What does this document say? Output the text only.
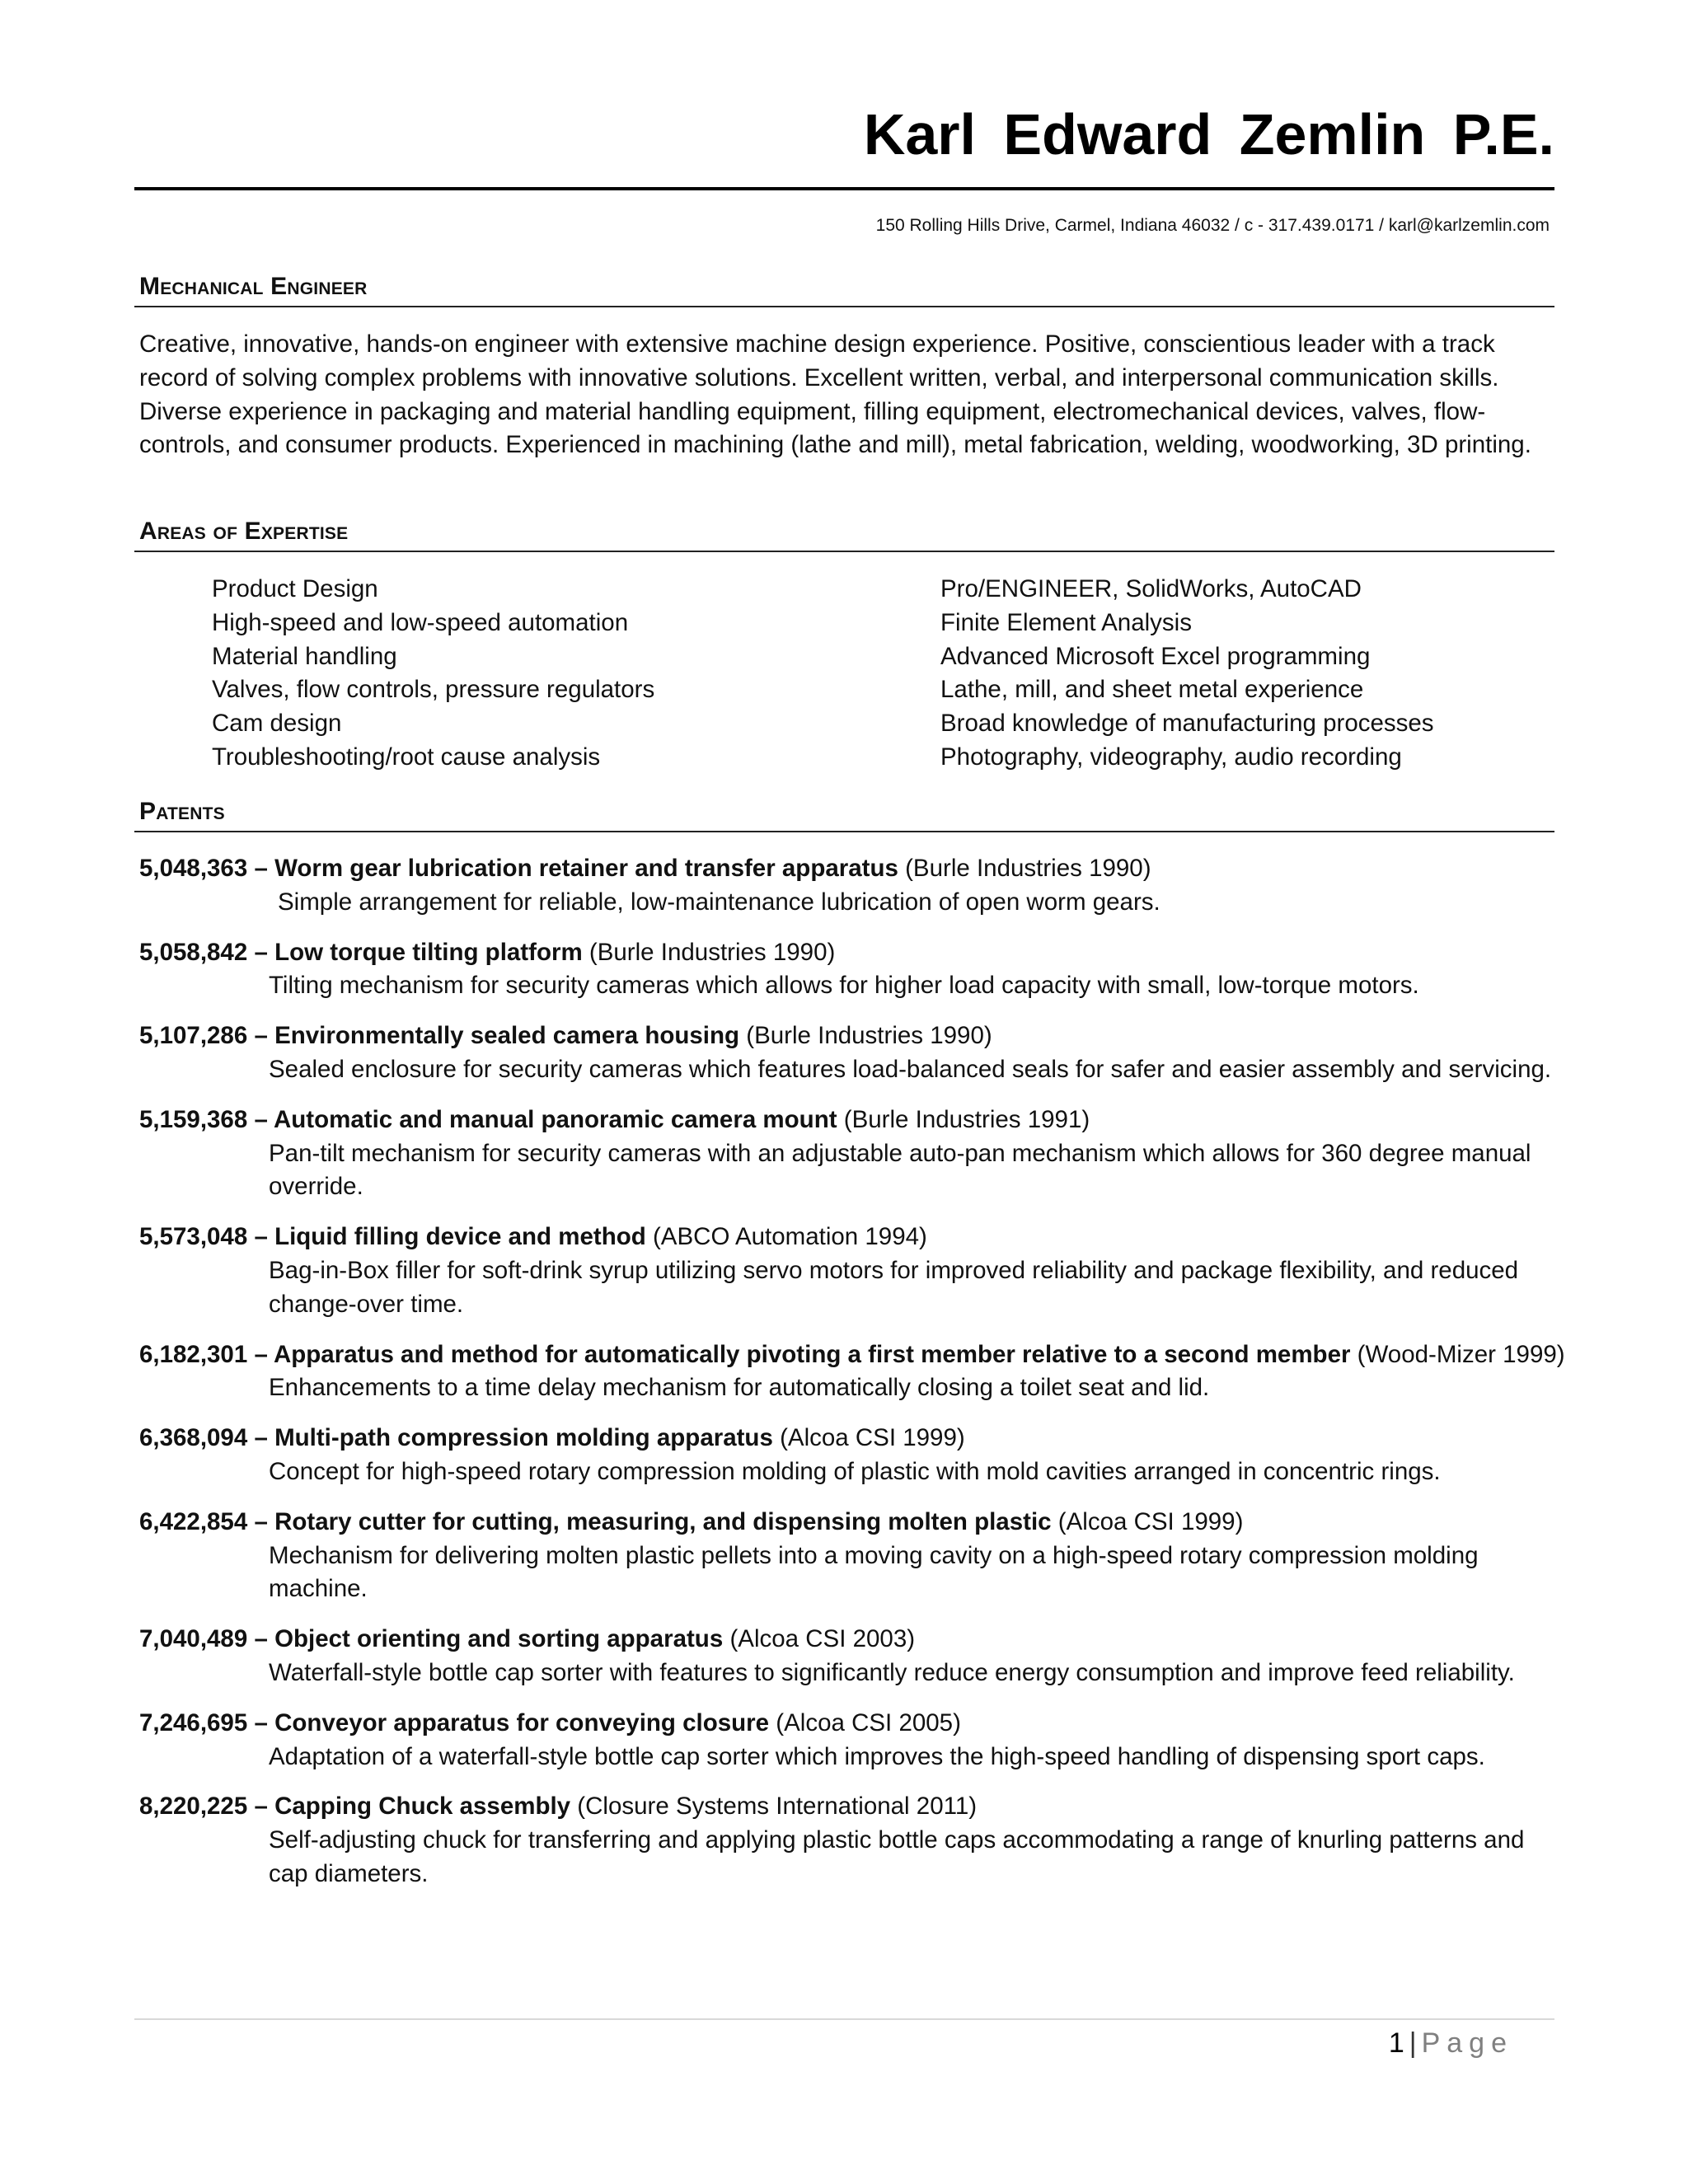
Karl Edward Zemlin P.E.
150 Rolling Hills Drive, Carmel, Indiana 46032 / c - 317.439.0171 / karl@karlzemlin.com
Mechanical Engineer

Creative, innovative, hands-on engineer with extensive machine design experience. Positive, conscientious leader with a track record of solving complex problems with innovative solutions. Excellent written, verbal, and interpersonal communication skills. Diverse experience in packaging and material handling equipment, filling equipment, electromechanical devices, valves, flow-controls, and consumer products. Experienced in machining (lathe and mill), metal fabrication, welding, woodworking, 3D printing.

Areas of Expertise
Product Design
High-speed and low-speed automation
Material handling
Valves, flow controls, pressure regulators
Cam design
Troubleshooting/root cause analysis
Pro/ENGINEER, SolidWorks, AutoCAD
Finite Element Analysis
Advanced Microsoft Excel programming
Lathe, mill, and sheet metal experience
Broad knowledge of manufacturing processes
Photography, videography, audio recording
Patents
5,048,363 – Worm gear lubrication retainer and transfer apparatus (Burle Industries 1990)
Simple arrangement for reliable, low-maintenance lubrication of open worm gears.
5,058,842 – Low torque tilting platform (Burle Industries 1990)
Tilting mechanism for security cameras which allows for higher load capacity with small, low-torque motors.
5,107,286 – Environmentally sealed camera housing (Burle Industries 1990)
Sealed enclosure for security cameras which features load-balanced seals for safer and easier assembly and servicing.
5,159,368 – Automatic and manual panoramic camera mount (Burle Industries 1991)
Pan-tilt mechanism for security cameras with an adjustable auto-pan mechanism which allows for 360 degree manual override.
5,573,048 – Liquid filling device and method (ABCO Automation 1994)
Bag-in-Box filler for soft-drink syrup utilizing servo motors for improved reliability and package flexibility, and reduced change-over time.
6,182,301 – Apparatus and method for automatically pivoting a first member relative to a second member (Wood-Mizer 1999)
Enhancements to a time delay mechanism for automatically closing a toilet seat and lid.
6,368,094 – Multi-path compression molding apparatus (Alcoa CSI 1999)
Concept for high-speed rotary compression molding of plastic with mold cavities arranged in concentric rings.
6,422,854 – Rotary cutter for cutting, measuring, and dispensing molten plastic (Alcoa CSI 1999)
Mechanism for delivering molten plastic pellets into a moving cavity on a high-speed rotary compression molding machine.
7,040,489 – Object orienting and sorting apparatus (Alcoa CSI 2003)
Waterfall-style bottle cap sorter with features to significantly reduce energy consumption and improve feed reliability.
7,246,695 – Conveyor apparatus for conveying closure (Alcoa CSI 2005)
Adaptation of a waterfall-style bottle cap sorter which improves the high-speed handling of dispensing sport caps.
8,220,225 – Capping Chuck assembly (Closure Systems International 2011)
Self-adjusting chuck for transferring and applying plastic bottle caps accommodating a range of knurling patterns and cap diameters.
1 | Page
